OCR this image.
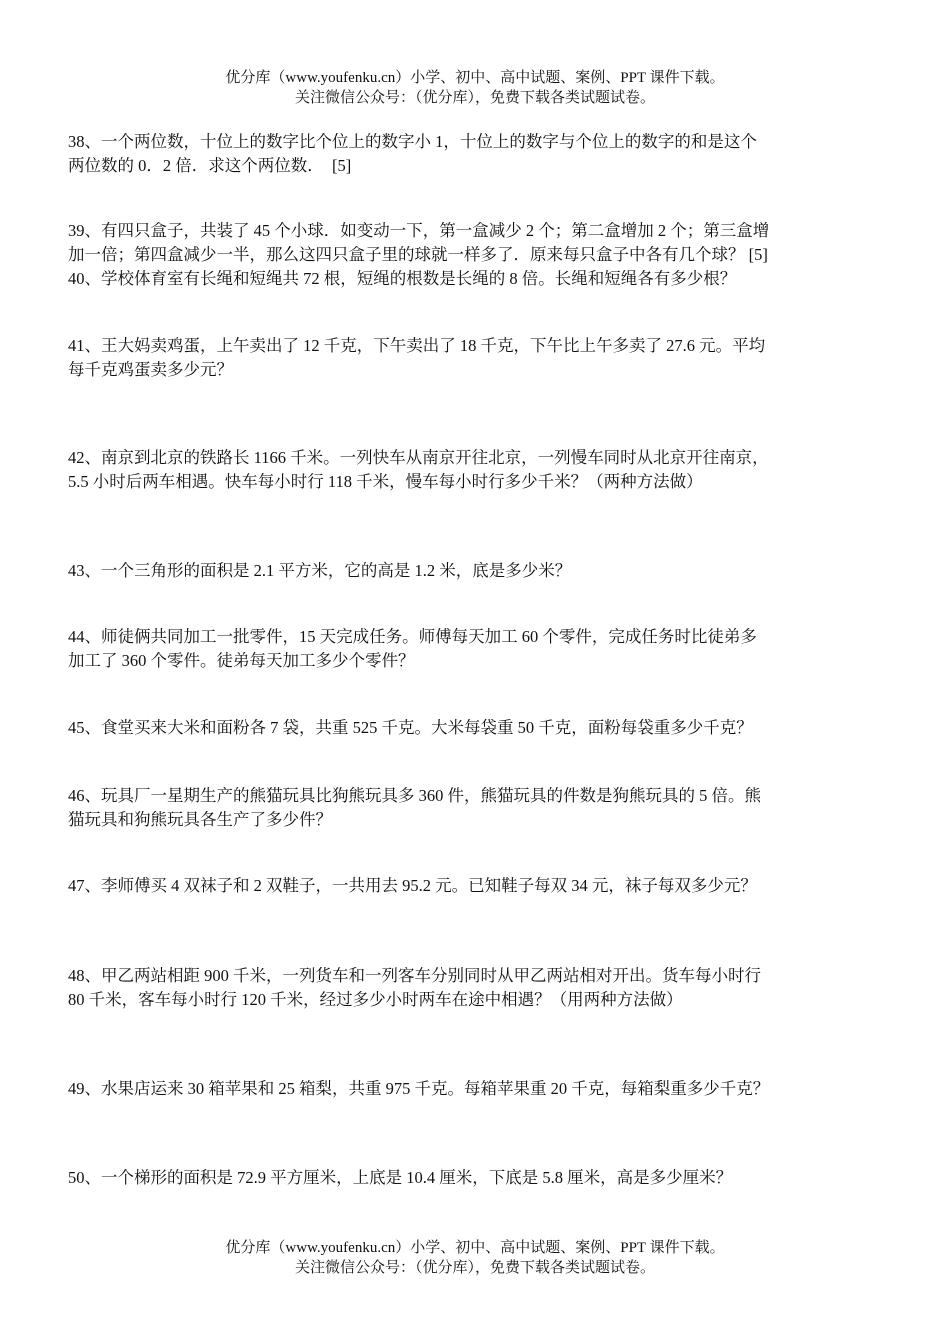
优分库（www.youfenku.cn）小学、初中、高中试题、案例、PPT 课件下载。
关注微信公众号：（优分库），免费下载各类试题试卷。
38、一个两位数，十位上的数字比个位上的数字小 1，十位上的数字与个位上的数字的和是这个
两位数的 0．2 倍．求这个两位数．　[5]
39、有四只盒子，共装了 45 个小球．如变动一下，第一盒减少 2 个；第二盒增加 2 个；第三盒增
加一倍；第四盒减少一半，那么这四只盒子里的球就一样多了．原来每只盒子中各有几个球？ [5]
40、学校体育室有长绳和短绳共 72 根，短绳的根数是长绳的 8 倍。长绳和短绳各有多少根？
41、王大妈卖鸡蛋，上午卖出了 12 千克，下午卖出了 18 千克，下午比上午多卖了 27.6 元。平均
每千克鸡蛋卖多少元？
42、南京到北京的铁路长 1166 千米。一列快车从南京开往北京，一列慢车同时从北京开往南京，
5.5 小时后两车相遇。快车每小时行 118 千米，慢车每小时行多少千米？（两种方法做）
43、一个三角形的面积是 2.1 平方米，它的高是 1.2 米，底是多少米？
44、师徒俩共同加工一批零件，15 天完成任务。师傅每天加工 60 个零件，完成任务时比徒弟多
加工了 360 个零件。徒弟每天加工多少个零件？
45、食堂买来大米和面粉各 7 袋，共重 525 千克。大米每袋重 50 千克，面粉每袋重多少千克？
46、玩具厂一星期生产的熊猫玩具比狗熊玩具多 360 件，熊猫玩具的件数是狗熊玩具的 5 倍。熊
猫玩具和狗熊玩具各生产了多少件？
47、李师傅买 4 双袜子和 2 双鞋子，一共用去 95.2 元。已知鞋子每双 34 元，袜子每双多少元？
48、甲乙两站相距 900 千米，一列货车和一列客车分别同时从甲乙两站相对开出。货车每小时行
80 千米，客车每小时行 120 千米，经过多少小时两车在途中相遇？（用两种方法做）
49、水果店运来 30 箱苹果和 25 箱梨，共重 975 千克。每箱苹果重 20 千克，每箱梨重多少千克？
50、一个梯形的面积是 72.9 平方厘米，上底是 10.4 厘米，下底是 5.8 厘米，高是多少厘米？
优分库（www.youfenku.cn）小学、初中、高中试题、案例、PPT 课件下载。
关注微信公众号：（优分库），免费下载各类试题试卷。
